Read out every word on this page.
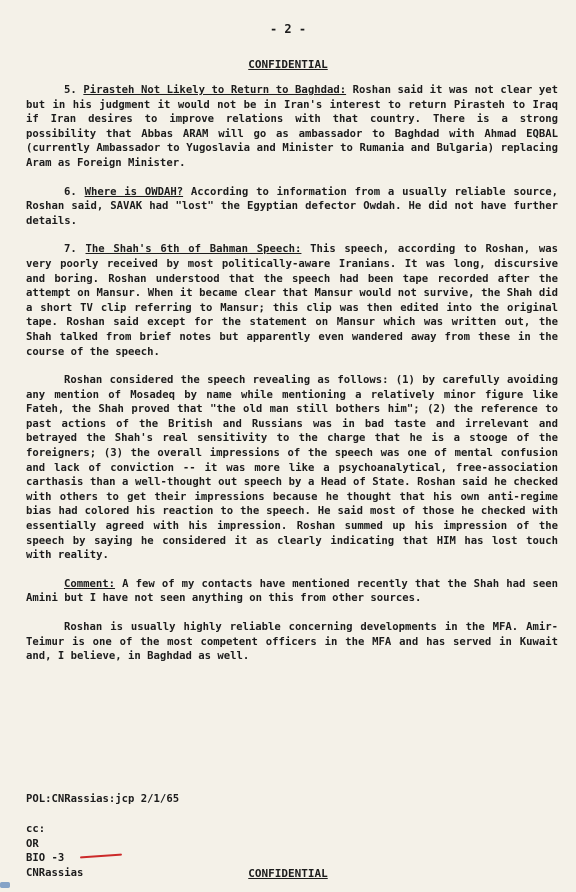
- 2 -
CONFIDENTIAL

5. Pirasteh Not Likely to Return to Baghdad: Roshan said it was not clear yet but in his judgment it would not be in Iran's interest to return Pirasteh to Iraq if Iran desires to improve relations with that country. There is a strong possibility that Abbas ARAM will go as ambassador to Baghdad with Ahmad EQBAL (currently Ambassador to Yugoslavia and Minister to Rumania and Bulgaria) replacing Aram as Foreign Minister.

6. Where is OWDAH? According to information from a usually reliable source, Roshan said, SAVAK had "lost" the Egyptian defector Owdah. He did not have further details.

7. The Shah's 6th of Bahman Speech: This speech, according to Roshan, was very poorly received by most politically-aware Iranians. It was long, discursive and boring. Roshan understood that the speech had been tape recorded after the attempt on Mansur. When it became clear that Mansur would not survive, the Shah did a short TV clip referring to Mansur; this clip was then edited into the original tape. Roshan said except for the statement on Mansur which was written out, the Shah talked from brief notes but apparently even wandered away from these in the course of the speech.

Roshan considered the speech revealing as follows: (1) by carefully avoiding any mention of Mosadeq by name while mentioning a relatively minor figure like Fateh, the Shah proved that "the old man still bothers him"; (2) the reference to past actions of the British and Russians was in bad taste and irrelevant and betrayed the Shah's real sensitivity to the charge that he is a stooge of the foreigners; (3) the overall impressions of the speech was one of mental confusion and lack of conviction -- it was more like a psychoanalytical, free-association carthasis than a well-thought out speech by a Head of State. Roshan said he checked with others to get their impressions because he thought that his own anti-regime bias had colored his reaction to the speech. He said most of those he checked with essentially agreed with his impression. Roshan summed up his impression of the speech by saying he considered it as clearly indicating that HIM has lost touch with reality.

Comment: A few of my contacts have mentioned recently that the Shah had seen Amini but I have not seen anything on this from other sources.

Roshan is usually highly reliable concerning developments in the MFA. Amir-Teimur is one of the most competent officers in the MFA and has served in Kuwait and, I believe, in Baghdad as well.

POL:CNRassias:jcp 2/1/65
cc:
OR
BIO -3
CNRassias	CONFIDENTIAL
